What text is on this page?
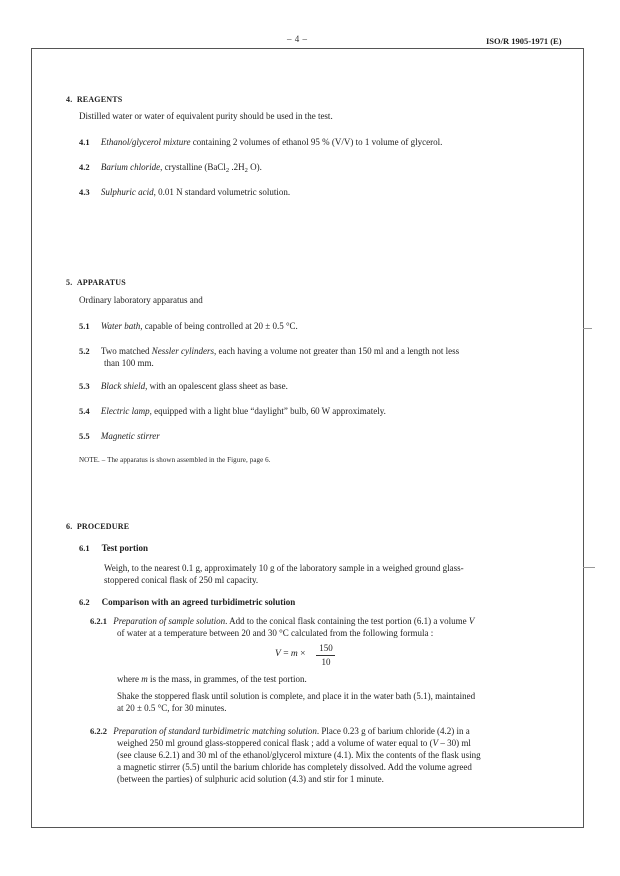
– 4 –	ISO/R 1905-1971 (E)
4. REAGENTS
Distilled water or water of equivalent purity should be used in the test.
4.1 Ethanol/glycerol mixture containing 2 volumes of ethanol 95 % (V/V) to 1 volume of glycerol.
4.2 Barium chloride, crystalline (BaCl$_2$ $.2H_2$ O).
4.3 Sulphuric acid, 0.01 N standard volumetric solution.
5. APPARATUS
Ordinary laboratory apparatus and
5.1 Water bath, capable of being controlled at 20 ± 0.5 °C.
5.2 Two matched Nessler cylinders, each having a volume not greater than 150 ml and a length not less
than 100 mm.
5.3 Black shield, with an opalescent glass sheet as base.
5.4 Electric lamp, equipped with a light blue “daylight” bulb, 60 W approximately.
5.5 Magnetic stirrer
NOTE. – The apparatus is shown assembled in the Figure, page 6.
6. PROCEDURE
6.1 Test portion
Weigh, to the nearest 0.1 g, approximately 10 g of the laboratory sample in a weighed ground glass-
stoppered conical flask of 250 ml capacity.
6.2 Comparison with an agreed turbidimetric solution
6.2.1 Preparation of sample solution. Add to the conical flask containing the test portion (6.1) a volume V
of water at a temperature between 20 and 30 °C calculated from the following formula :
V = m ×
150
10
where m is the mass, in grammes, of the test portion.
Shake the stoppered flask until solution is complete, and place it in the water bath (5.1), maintained
at 20 ± 0.5 °C, for 30 minutes.
6.2.2 Preparation of standard turbidimetric matching solution. Place 0.23 g of barium chloride (4.2) in a
weighed 250 ml ground glass-stoppered conical flask ; add a volume of water equal to (V – 30) ml
(see clause 6.2.1) and 30 ml of the ethanol/glycerol mixture (4.1). Mix the contents of the flask using
a magnetic stirrer (5.5) until the barium chloride has completely dissolved. Add the volume agreed
(between the parties) of sulphuric acid solution (4.3) and stir for 1 minute.
